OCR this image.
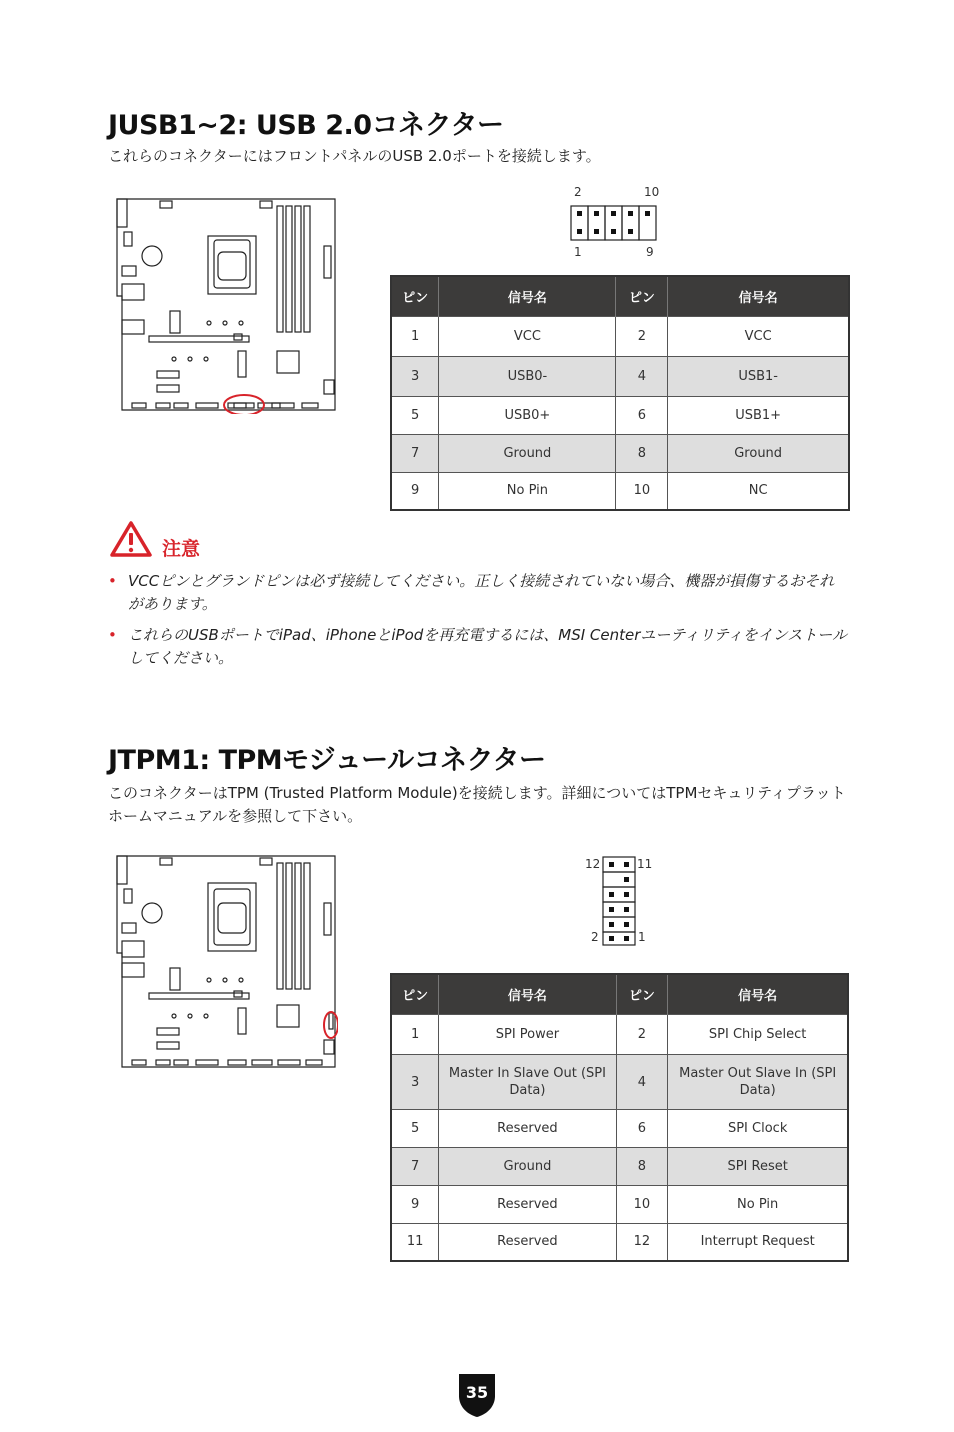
JUSB1~2: USB 2.0コネクター
これらのコネクターにはフロントパネルのUSB 2.0ポートを接続します。
2	10
1	9
ピン	信号名	ピン	信号名
1	VCC	2	VCC
3	USB0-	4	USB1-
5	USB0+	6	USB1+
7	Ground	8	Ground
9	No Pin	10	NC
注意
• VCCピンとグランドピンは必ず接続してください。正しく接続されていない場合、機器が損傷するおそれがあります。
• これらのUSBポートでiPad、iPhoneとiPodを再充電するには、MSI Centerユーティリティをインストールしてください。
JTPM1: TPMモジュールコネクター
このコネクターはTPM (Trusted Platform Module)を接続します。詳細についてはTPMセキュリティプラットホームマニュアルを参照して下さい。
12	11
2	1
ピン	信号名	ピン	信号名
1	SPI Power	2	SPI Chip Select
3	Master In Slave Out (SPI Data)	4	Master Out Slave In (SPI Data)
5	Reserved	6	SPI Clock
7	Ground	8	SPI Reset
9	Reserved	10	No Pin
11	Reserved	12	Interrupt Request
35
